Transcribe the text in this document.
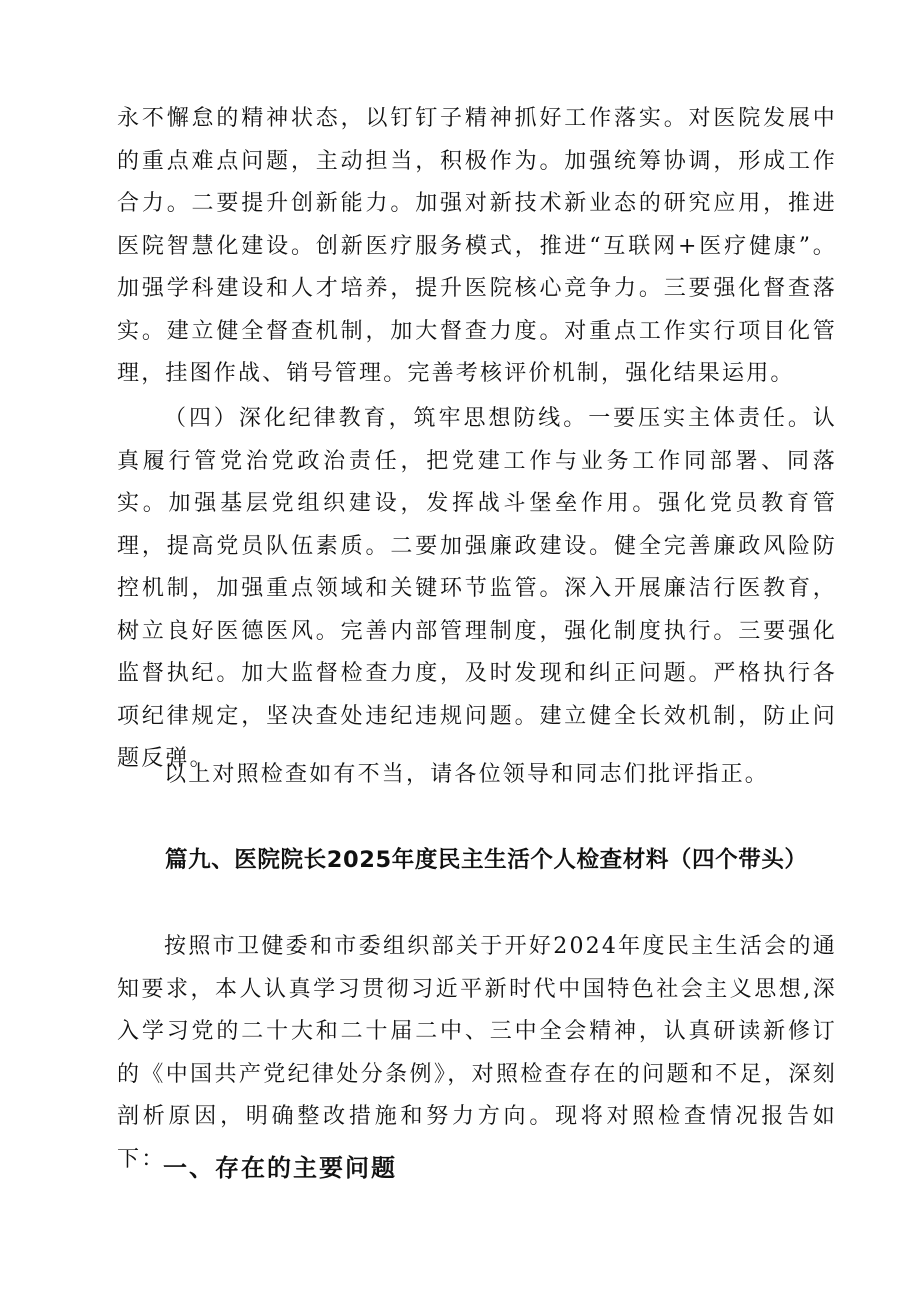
永不懈怠的精神状态，以钉钉子精神抓好工作落实。对医院发展中的重点难点问题，主动担当，积极作为。加强统筹协调，形成工作合力。二要提升创新能力。加强对新技术新业态的研究应用，推进医院智慧化建设。创新医疗服务模式，推进“互联网+医疗健康”。加强学科建设和人才培养，提升医院核心竞争力。三要强化督查落实。建立健全督查机制，加大督查力度。对重点工作实行项目化管理，挂图作战、销号管理。完善考核评价机制，强化结果运用。

（四）深化纪律教育，筑牢思想防线。一要压实主体责任。认真履行管党治党政治责任，把党建工作与业务工作同部署、同落实。加强基层党组织建设，发挥战斗堡垒作用。强化党员教育管理，提高党员队伍素质。二要加强廉政建设。健全完善廉政风险防控机制，加强重点领域和关键环节监管。深入开展廉洁行医教育，树立良好医德医风。完善内部管理制度，强化制度执行。三要强化监督执纪。加大监督检查力度，及时发现和纠正问题。严格执行各项纪律规定，坚决查处违纪违规问题。建立健全长效机制，防止问题反弹。

以上对照检查如有不当，请各位领导和同志们批评指正。

篇九、医院院长2025年度民主生活个人检查材料（四个带头）

按照市卫健委和市委组织部关于开好2024年度民主生活会的通知要求，本人认真学习贯彻习近平新时代中国特色社会主义思想,深入学习党的二十大和二十届二中、三中全会精神，认真研读新修订的《中国共产党纪律处分条例》，对照检查存在的问题和不足，深刻剖析原因，明确整改措施和努力方向。现将对照检查情况报告如下：

一、存在的主要问题
